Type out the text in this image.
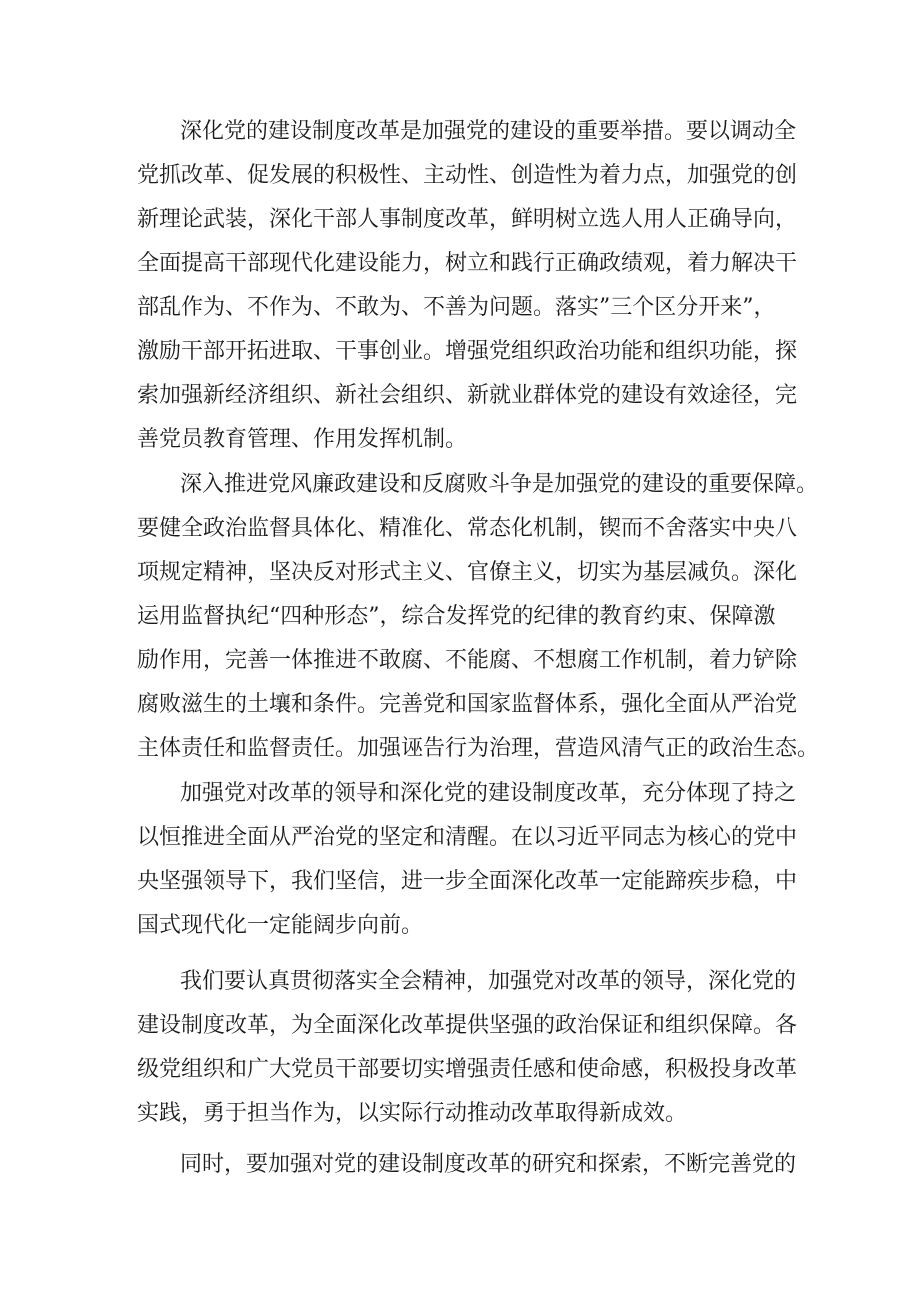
深化党的建设制度改革是加强党的建设的重要举措。要以调动全
党抓改革、促发展的积极性、主动性、创造性为着力点，加强党的创
新理论武装，深化干部人事制度改革，鲜明树立选人用人正确导向，
全面提高干部现代化建设能力，树立和践行正确政绩观，着力解决干
部乱作为、不作为、不敢为、不善为问题。落实”三个区分开来”，
激励干部开拓进取、干事创业。增强党组织政治功能和组织功能，探
索加强新经济组织、新社会组织、新就业群体党的建设有效途径，完
善党员教育管理、作用发挥机制。
深入推进党风廉政建设和反腐败斗争是加强党的建设的重要保障。
要健全政治监督具体化、精准化、常态化机制，锲而不舍落实中央八
项规定精神，坚决反对形式主义、官僚主义，切实为基层减负。深化
运用监督执纪“四种形态”，综合发挥党的纪律的教育约束、保障激
励作用，完善一体推进不敢腐、不能腐、不想腐工作机制，着力铲除
腐败滋生的土壤和条件。完善党和国家监督体系，强化全面从严治党
主体责任和监督责任。加强诬告行为治理，营造风清气正的政治生态。
加强党对改革的领导和深化党的建设制度改革，充分体现了持之
以恒推进全面从严治党的坚定和清醒。在以习近平同志为核心的党中
央坚强领导下，我们坚信，进一步全面深化改革一定能蹄疾步稳，中
国式现代化一定能阔步向前。
我们要认真贯彻落实全会精神，加强党对改革的领导，深化党的
建设制度改革，为全面深化改革提供坚强的政治保证和组织保障。各
级党组织和广大党员干部要切实增强责任感和使命感，积极投身改革
实践，勇于担当作为，以实际行动推动改革取得新成效。
同时，要加强对党的建设制度改革的研究和探索，不断完善党的
